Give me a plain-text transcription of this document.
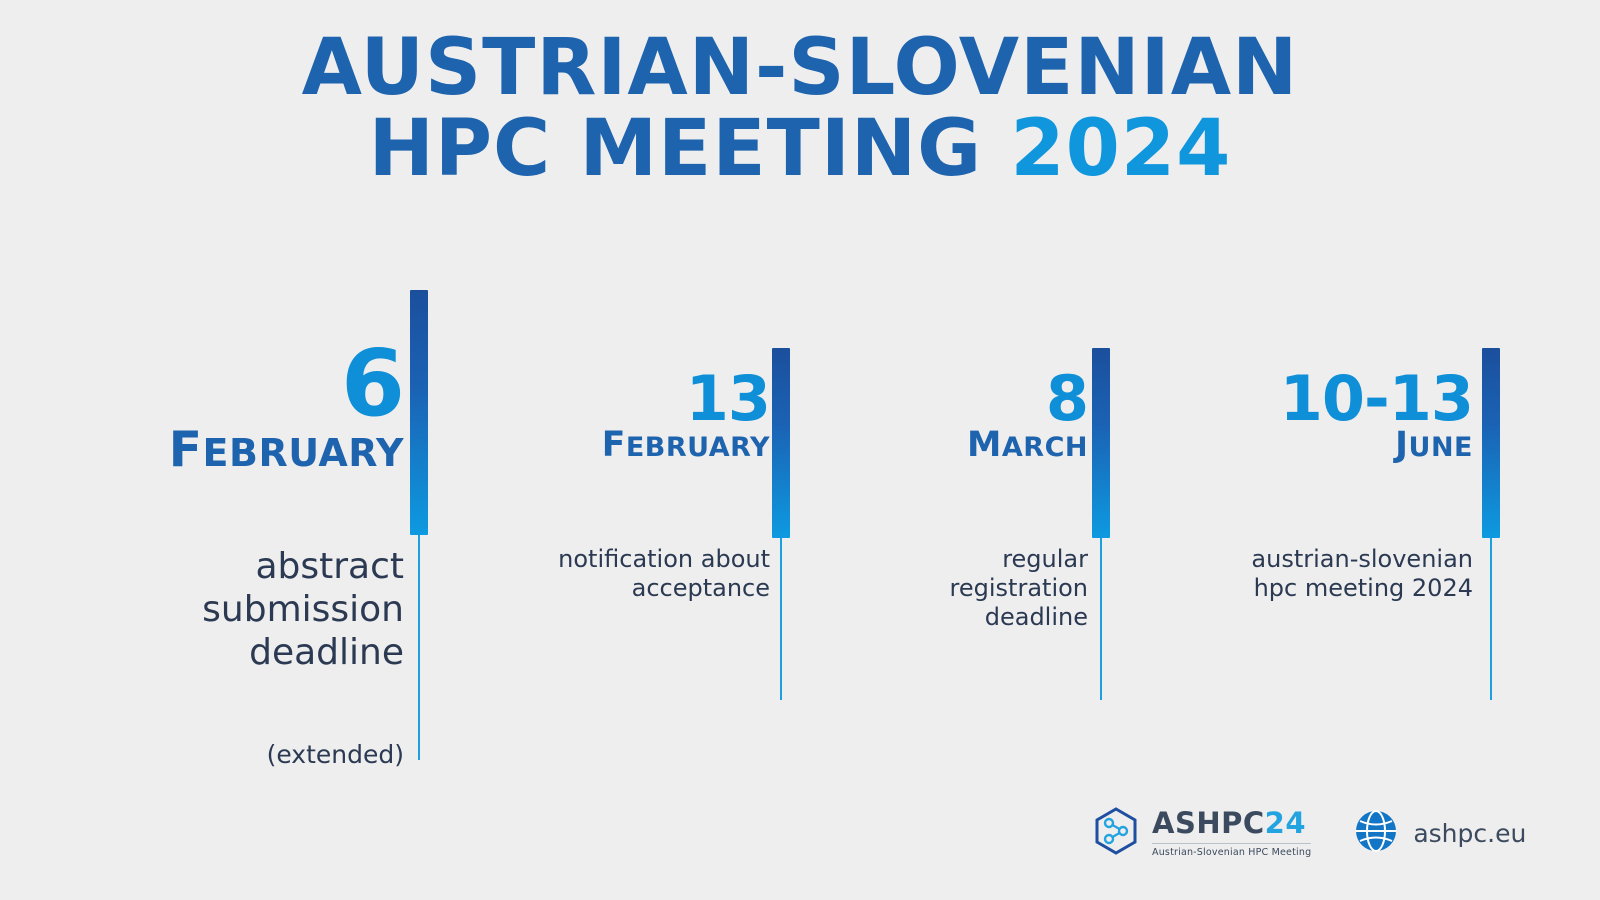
AUSTRIAN-SLOVENIAN
HPC MEETING 2024
6
FEBRUARY
abstract submission deadline
(extended)
13
FEBRUARY
notification about acceptance
8
MARCH
regular registration deadline
10-13
JUNE
austrian-slovenian hpc meeting 2024
ASHPC24
Austrian-Slovenian HPC Meeting
ashpc.eu
